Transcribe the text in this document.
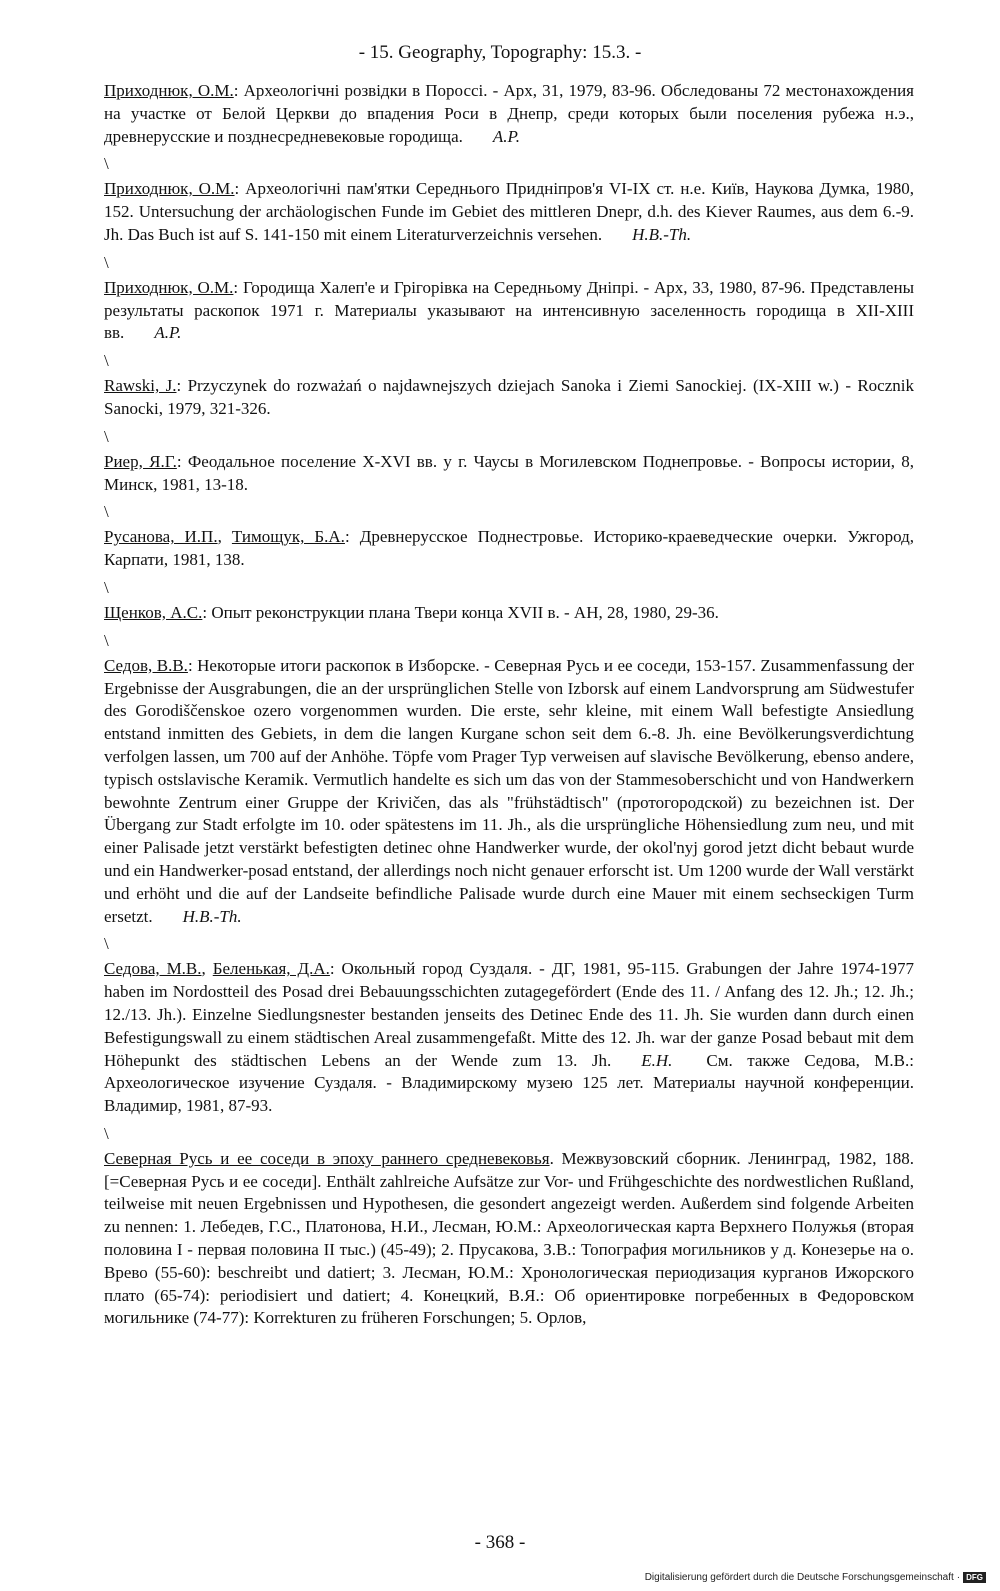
- 15. Geography, Topography: 15.3. -

Приходнюк, О.М.: Археологiчнi розвiдки в Поросci. - Арх, 31, 1979, 83-96. Обследованы 72 местонахождения на участке от Белой Церкви до впадения Роси в Днепр, среди которых были поселения рубежа н.э., древнерусские и позднесредневековые городища. A.P.

\

Приходнюк, О.М.: Археологiчнi пам'ятки Середнього Приднiпров'я VI-IX ст. н.е. Київ, Наукова Думка, 1980, 152. Untersuchung der archäologischen Funde im Gebiet des mittleren Dnepr, d.h. des Kiever Raumes, aus dem 6.-9. Jh. Das Buch ist auf S. 141-150 mit einem Literaturverzeichnis versehen. H.B.-Th.

\

Приходнюк, О.М.: Городища Халеп'е и Грiгорiвка на Середньому Днiпрi. - Арх, 33, 1980, 87-96. Представлены результаты раскопок 1971 г. Материалы указывают на интенсивную заселенность городища в XII-XIII вв. A.P.

\

Rawski, J.: Przyczynek do rozważań o najdawnejszych dziejach Sanoka i Ziemi Sanockiej. (IX-XIII w.) - Rocznik Sanocki, 1979, 321-326.

\

Риер, Я.Г.: Феодальное поселение X-XVI вв. у г. Чаусы в Могилевском Поднепровье. - Вопросы истории, 8, Минск, 1981, 13-18.

\

Русанова, И.П., Тимощук, Б.А.: Древнерусское Поднестровье. Историко-краеведческие очерки. Ужгород, Карпати, 1981, 138.

\

Щенков, А.С.: Опыт реконструкции плана Твери конца XVII в. - АН, 28, 1980, 29-36.

\

Седов, В.В.: Некоторые итоги раскопок в Изборске. - Северная Русь и ее соседи, 153-157. Zusammenfassung der Ergebnisse der Ausgrabungen, die an der ursprünglichen Stelle von Izborsk auf einem Landvorsprung am Südwestufer des Gorodiščenskoe ozero vorgenommen wurden. Die erste, sehr kleine, mit einem Wall befestigte Ansiedlung entstand inmitten des Gebiets, in dem die langen Kurgane schon seit dem 6.-8. Jh. eine Bevölkerungsverdichtung verfolgen lassen, um 700 auf der Anhöhe. Töpfe vom Prager Typ verweisen auf slavische Bevölkerung, ebenso andere, typisch ostslavische Keramik. Vermutlich handelte es sich um das von der Stammesoberschicht und von Handwerkern bewohnte Zentrum einer Gruppe der Krivičen, das als "frühstädtisch" (протогородской) zu bezeichnen ist. Der Übergang zur Stadt erfolgte im 10. oder spätestens im 11. Jh., als die ursprüngliche Höhensiedlung zum neu, und mit einer Palisade jetzt verstärkt befestigten detinec ohne Handwerker wurde, der okol'nyj gorod jetzt dicht bebaut wurde und ein Handwerker-posad entstand, der allerdings noch nicht genauer erforscht ist. Um 1200 wurde der Wall verstärkt und erhöht und die auf der Landseite befindliche Palisade wurde durch eine Mauer mit einem sechseckigen Turm ersetzt. H.B.-Th.

\

Седова, М.В., Беленькая, Д.А.: Окольный город Суздаля. - ДГ, 1981, 95-115. Grabungen der Jahre 1974-1977 haben im Nordostteil des Posad drei Bebauungsschichten zutagegefördert (Ende des 11. / Anfang des 12. Jh.; 12. Jh.; 12./13. Jh.). Einzelne Siedlungsnester bestanden jenseits des Detinec Ende des 11. Jh. Sie wurden dann durch einen Befestigungswall zu einem städtischen Areal zusammengefaßt. Mitte des 12. Jh. war der ganze Posad bebaut mit dem Höhepunkt des städtischen Lebens an der Wende zum 13. Jh. E.H.   См. также Седова, М.В.: Археологическое изучение Суздаля. - Владимирскому музею 125 лет. Материалы научной конференции. Владимир, 1981, 87-93.

\

Северная Русь и ее соседи в эпоху раннего средневековья. Межвузовский сборник. Ленинград, 1982, 188. [=Северная Русь и ее соседи]. Enthält zahlreiche Aufsätze zur Vor- und Frühgeschichte des nordwestlichen Rußland, teilweise mit neuen Ergebnissen und Hypothesen, die gesondert angezeigt werden. Außerdem sind folgende Arbeiten zu nennen: 1. Лебедев, Г.С., Платонова, Н.И., Лесман, Ю.М.: Археологическая карта Верхнего Полужья (вторая половина I - первая половина II тыс.) (45-49); 2. Прусакова, З.В.: Топография могильников у д. Конезерье на о. Врево (55-60): beschreibt und datiert; 3. Лесман, Ю.М.: Хронологическая периодизация курганов Ижорского плато (65-74): periodisiert und datiert; 4. Конецкий, В.Я.: Об ориентировке погребенных в Федоровском могильнике (74-77): Korrekturen zu früheren Forschungen; 5. Орлов,

- 368 -
Digitalisierung gefördert durch die Deutsche Forschungsgemeinschaft · DFG
